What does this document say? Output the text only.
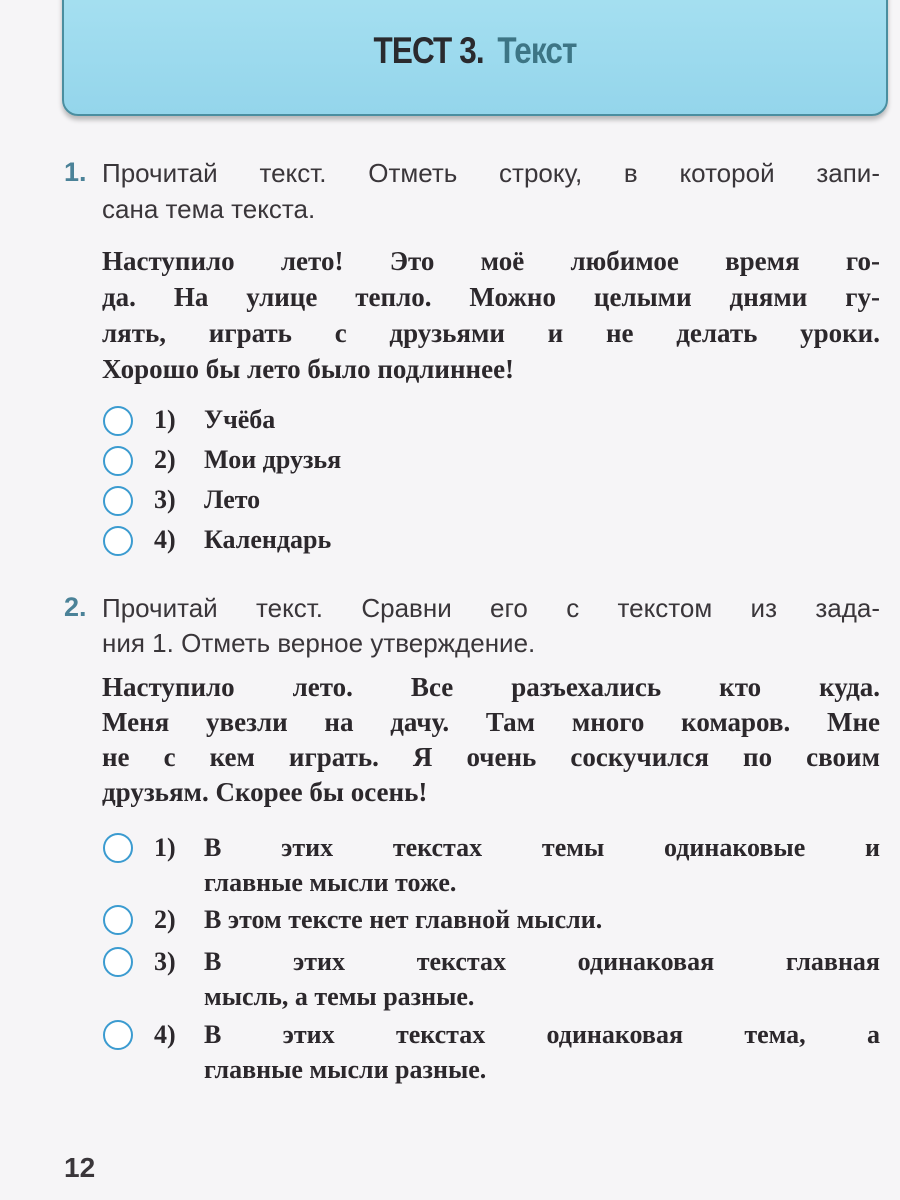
ТЕСТ 3. Текст
1. Прочитай текст. Отметь строку, в которой запи-
сана тема текста.
Наступило лето! Это моё любимое время го-
да. На улице тепло. Можно целыми днями гу-
лять, играть с друзьями и не делать уроки.
Хорошо бы лето было подлиннее!
1) Учёба
2) Мои друзья
3) Лето
4) Календарь
2. Прочитай текст. Сравни его с текстом из зада-
ния 1. Отметь верное утверждение.
Наступило лето. Все разъехались кто куда.
Меня увезли на дачу. Там много комаров. Мне
не с кем играть. Я очень соскучился по своим
друзьям. Скорее бы осень!
1) В этих текстах темы одинаковые и
главные мысли тоже.
2) В этом тексте нет главной мысли.
3) В этих текстах одинаковая главная
мысль, а темы разные.
4) В этих текстах одинаковая тема, а
главные мысли разные.
12
